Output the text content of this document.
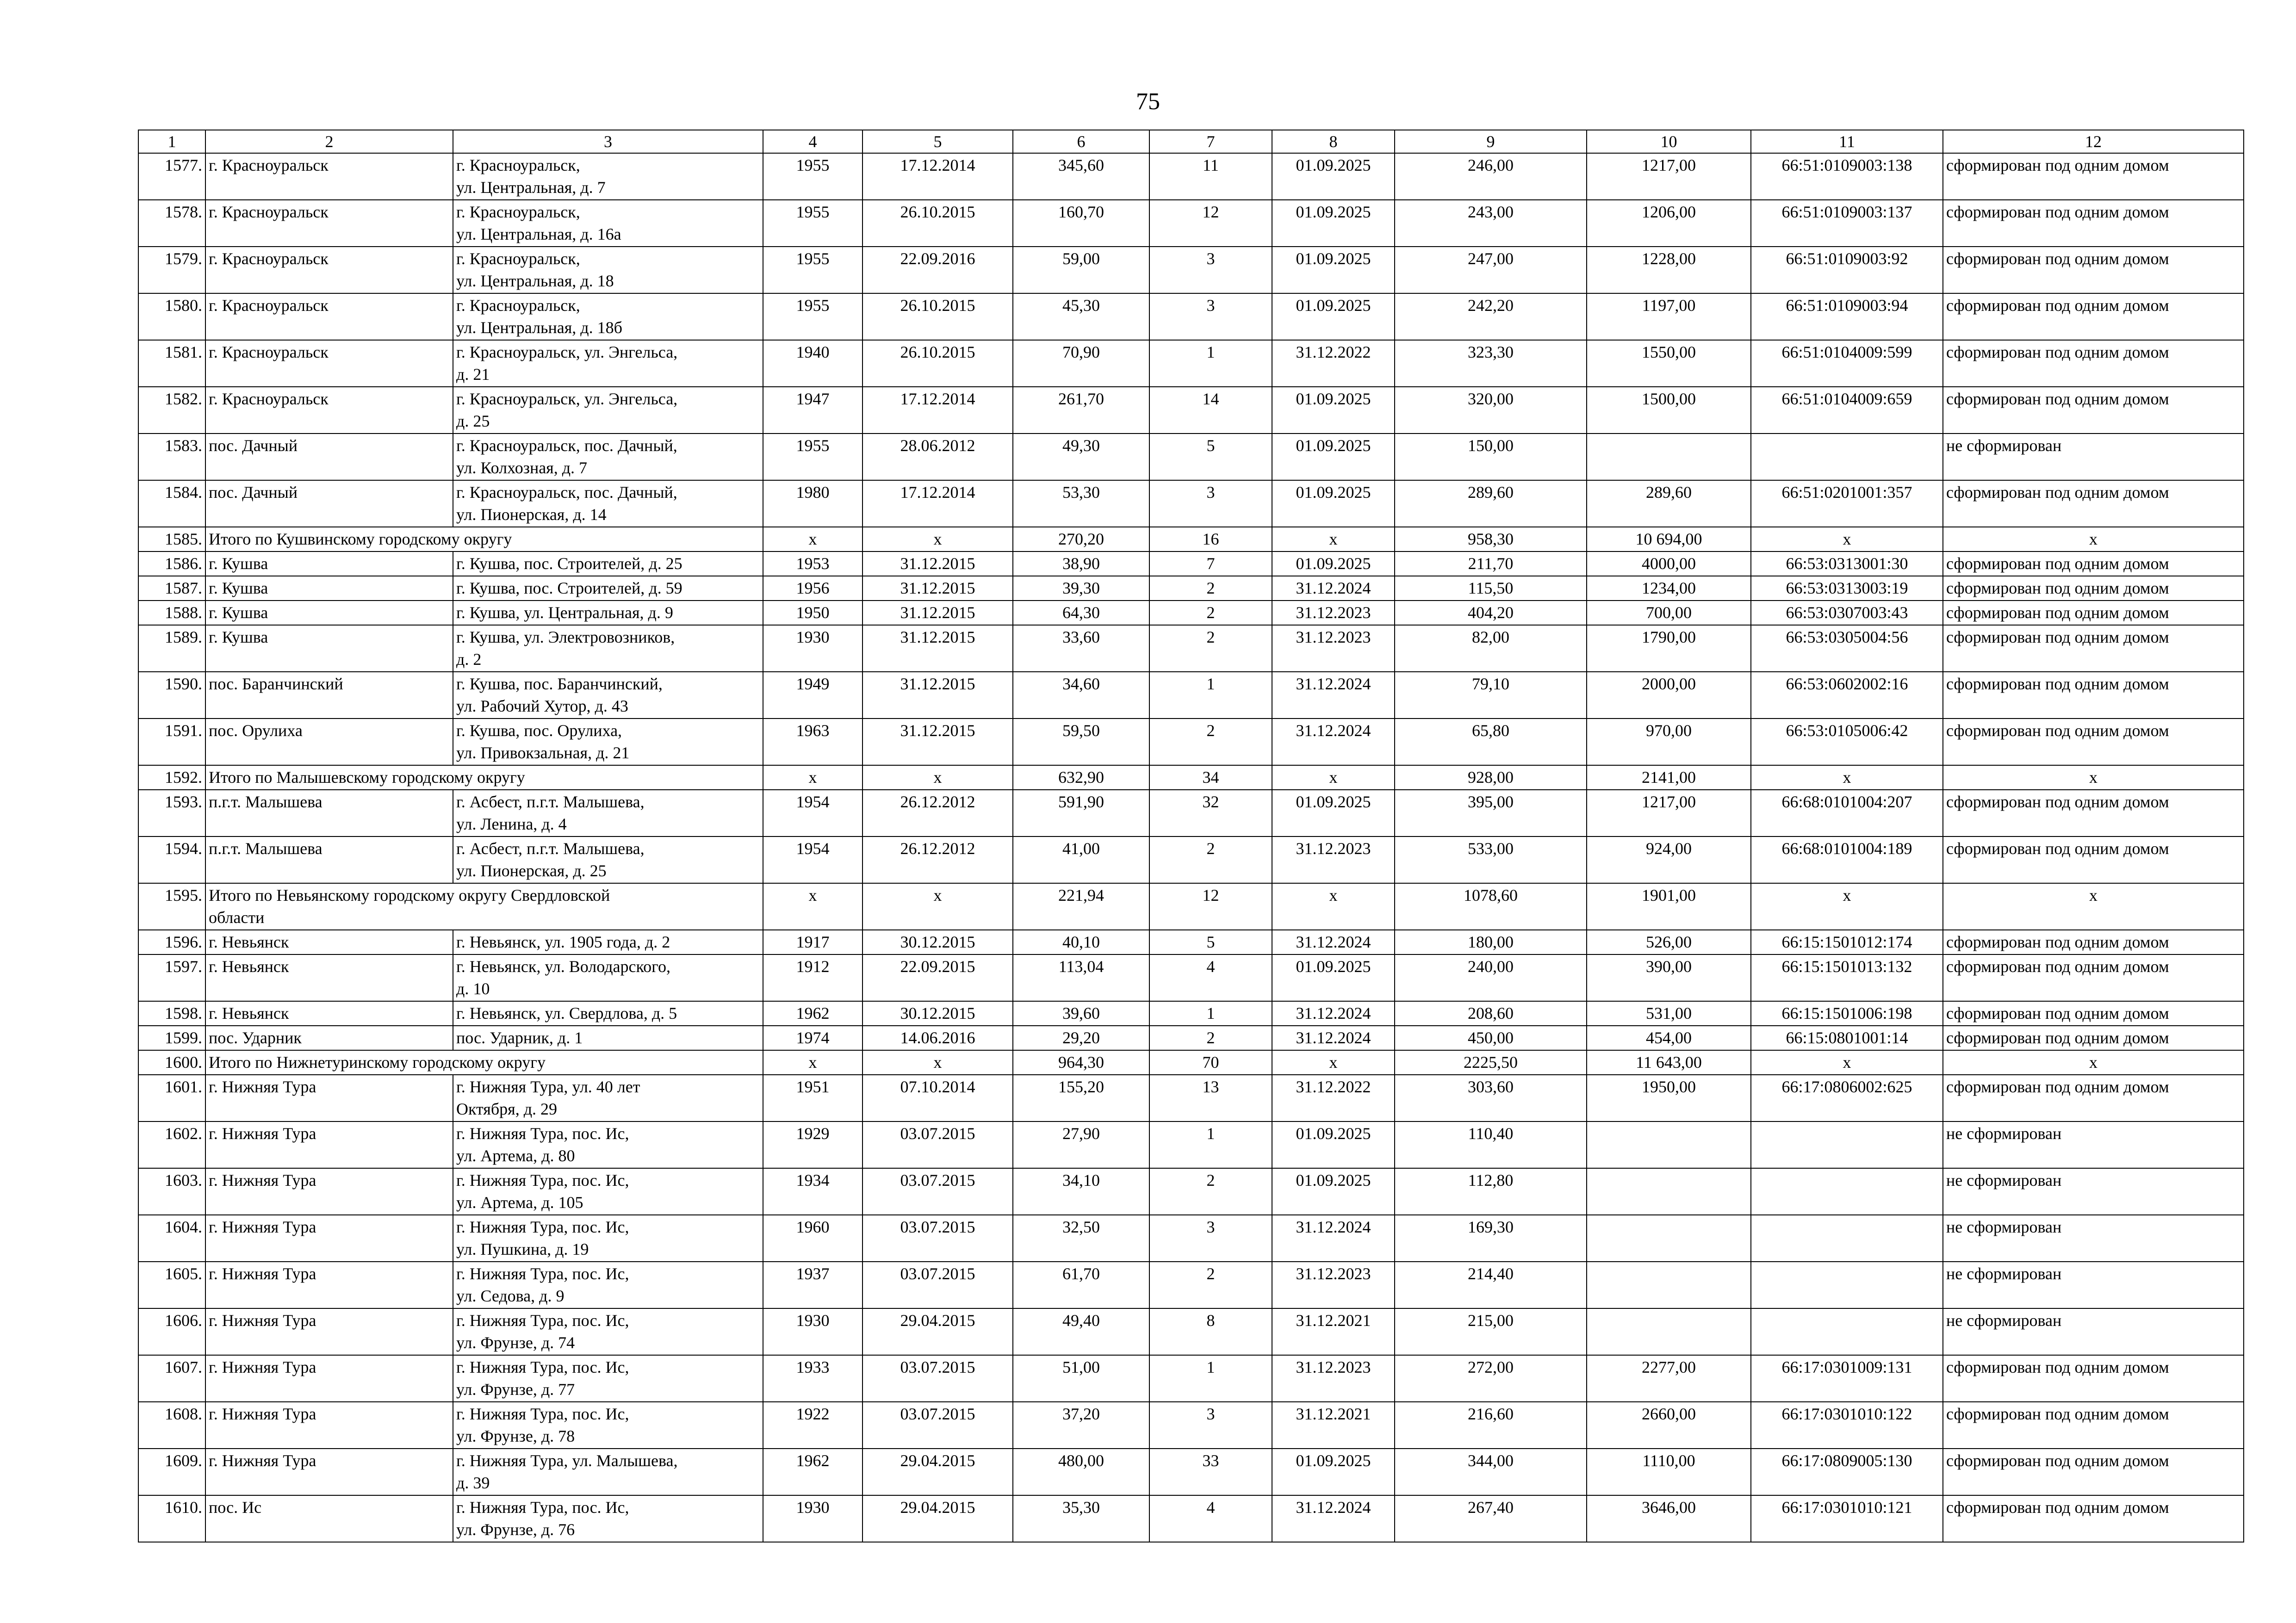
75
1	2	3	4	5	6	7	8	9	10	11	12
1577.	г. Красноуральск	г. Красноуральск,
ул. Центральная, д. 7	1955	17.12.2014	345,60	11	01.09.2025	246,00	1217,00	66:51:0109003:138	сформирован под одним домом
1578.	г. Красноуральск	г. Красноуральск,
ул. Центральная, д. 16а	1955	26.10.2015	160,70	12	01.09.2025	243,00	1206,00	66:51:0109003:137	сформирован под одним домом
1579.	г. Красноуральск	г. Красноуральск,
ул. Центральная, д. 18	1955	22.09.2016	59,00	3	01.09.2025	247,00	1228,00	66:51:0109003:92	сформирован под одним домом
1580.	г. Красноуральск	г. Красноуральск,
ул. Центральная, д. 18б	1955	26.10.2015	45,30	3	01.09.2025	242,20	1197,00	66:51:0109003:94	сформирован под одним домом
1581.	г. Красноуральск	г. Красноуральск, ул. Энгельса,
д. 21	1940	26.10.2015	70,90	1	31.12.2022	323,30	1550,00	66:51:0104009:599	сформирован под одним домом
1582.	г. Красноуральск	г. Красноуральск, ул. Энгельса,
д. 25	1947	17.12.2014	261,70	14	01.09.2025	320,00	1500,00	66:51:0104009:659	сформирован под одним домом
1583.	пос. Дачный	г. Красноуральск, пос. Дачный,
ул. Колхозная, д. 7	1955	28.06.2012	49,30	5	01.09.2025	150,00			не сформирован
1584.	пос. Дачный	г. Красноуральск, пос. Дачный,
ул. Пионерская, д. 14	1980	17.12.2014	53,30	3	01.09.2025	289,60	289,60	66:51:0201001:357	сформирован под одним домом
1585.	Итого по Кушвинскому городскому округу		х	х	270,20	16	х	958,30	10 694,00	х	х
1586.	г. Кушва	г. Кушва, пос. Строителей, д. 25	1953	31.12.2015	38,90	7	01.09.2025	211,70	4000,00	66:53:0313001:30	сформирован под одним домом
1587.	г. Кушва	г. Кушва, пос. Строителей, д. 59	1956	31.12.2015	39,30	2	31.12.2024	115,50	1234,00	66:53:0313003:19	сформирован под одним домом
1588.	г. Кушва	г. Кушва, ул. Центральная, д. 9	1950	31.12.2015	64,30	2	31.12.2023	404,20	700,00	66:53:0307003:43	сформирован под одним домом
1589.	г. Кушва	г. Кушва, ул. Электровозников,
д. 2	1930	31.12.2015	33,60	2	31.12.2023	82,00	1790,00	66:53:0305004:56	сформирован под одним домом
1590.	пос. Баранчинский	г. Кушва, пос. Баранчинский,
ул. Рабочий Хутор, д. 43	1949	31.12.2015	34,60	1	31.12.2024	79,10	2000,00	66:53:0602002:16	сформирован под одним домом
1591.	пос. Орулиха	г. Кушва, пос. Орулиха,
ул. Привокзальная, д. 21	1963	31.12.2015	59,50	2	31.12.2024	65,80	970,00	66:53:0105006:42	сформирован под одним домом
1592.	Итого по Малышевскому городскому округу		х	х	632,90	34	х	928,00	2141,00	х	х
1593.	п.г.т. Малышева	г. Асбест, п.г.т. Малышева,
ул. Ленина, д. 4	1954	26.12.2012	591,90	32	01.09.2025	395,00	1217,00	66:68:0101004:207	сформирован под одним домом
1594.	п.г.т. Малышева	г. Асбест, п.г.т. Малышева,
ул. Пионерская, д. 25	1954	26.12.2012	41,00	2	31.12.2023	533,00	924,00	66:68:0101004:189	сформирован под одним домом
1595.	Итого по Невьянскому городскому округу Свердловской
области		х	х	221,94	12	х	1078,60	1901,00	х	х
1596.	г. Невьянск	г. Невьянск, ул. 1905 года, д. 2	1917	30.12.2015	40,10	5	31.12.2024	180,00	526,00	66:15:1501012:174	сформирован под одним домом
1597.	г. Невьянск	г. Невьянск, ул. Володарского,
д. 10	1912	22.09.2015	113,04	4	01.09.2025	240,00	390,00	66:15:1501013:132	сформирован под одним домом
1598.	г. Невьянск	г. Невьянск, ул. Свердлова, д. 5	1962	30.12.2015	39,60	1	31.12.2024	208,60	531,00	66:15:1501006:198	сформирован под одним домом
1599.	пос. Ударник	пос. Ударник, д. 1	1974	14.06.2016	29,20	2	31.12.2024	450,00	454,00	66:15:0801001:14	сформирован под одним домом
1600.	Итого по Нижнетуринскому городскому округу		х	х	964,30	70	х	2225,50	11 643,00	х	х
1601.	г. Нижняя Тура	г. Нижняя Тура, ул. 40 лет
Октября, д. 29	1951	07.10.2014	155,20	13	31.12.2022	303,60	1950,00	66:17:0806002:625	сформирован под одним домом
1602.	г. Нижняя Тура	г. Нижняя Тура, пос. Ис,
ул. Артема, д. 80	1929	03.07.2015	27,90	1	01.09.2025	110,40			не сформирован
1603.	г. Нижняя Тура	г. Нижняя Тура, пос. Ис,
ул. Артема, д. 105	1934	03.07.2015	34,10	2	01.09.2025	112,80			не сформирован
1604.	г. Нижняя Тура	г. Нижняя Тура, пос. Ис,
ул. Пушкина, д. 19	1960	03.07.2015	32,50	3	31.12.2024	169,30			не сформирован
1605.	г. Нижняя Тура	г. Нижняя Тура, пос. Ис,
ул. Седова, д. 9	1937	03.07.2015	61,70	2	31.12.2023	214,40			не сформирован
1606.	г. Нижняя Тура	г. Нижняя Тура, пос. Ис,
ул. Фрунзе, д. 74	1930	29.04.2015	49,40	8	31.12.2021	215,00			не сформирован
1607.	г. Нижняя Тура	г. Нижняя Тура, пос. Ис,
ул. Фрунзе, д. 77	1933	03.07.2015	51,00	1	31.12.2023	272,00	2277,00	66:17:0301009:131	сформирован под одним домом
1608.	г. Нижняя Тура	г. Нижняя Тура, пос. Ис,
ул. Фрунзе, д. 78	1922	03.07.2015	37,20	3	31.12.2021	216,60	2660,00	66:17:0301010:122	сформирован под одним домом
1609.	г. Нижняя Тура	г. Нижняя Тура, ул. Малышева,
д. 39	1962	29.04.2015	480,00	33	01.09.2025	344,00	1110,00	66:17:0809005:130	сформирован под одним домом
1610.	пос. Ис	г. Нижняя Тура, пос. Ис,
ул. Фрунзе, д. 76	1930	29.04.2015	35,30	4	31.12.2024	267,40	3646,00	66:17:0301010:121	сформирован под одним домом
